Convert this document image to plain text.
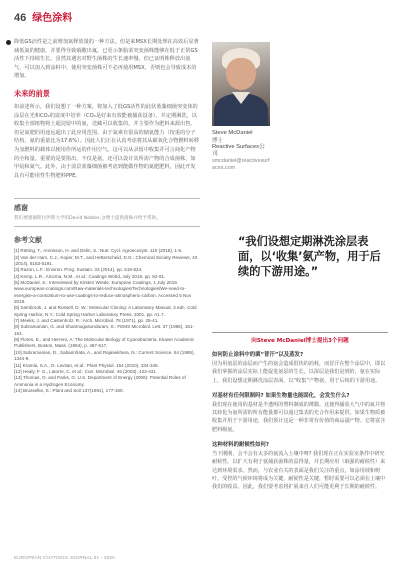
46 绿色涂料

降低GS活性是之前增加氮释放量的一种方法。但是来MSX长期处理在高效后显著减低氮的健康，并要得导致硝酸出氟，已更示条脂菜突变菌株能够在低于正常GS活性下持续生长。虽然其遇害对野生菌株的生长速率慢，但已证明株释放出氨气，可以加入到涂料中。使用突变菌株可不必再使用MSX，否则也会导致成本的增加。

未来的前景

如前述所示，我们设想了一种方案，将加入了低GS活性的此状蓝藻细菌突变体的涂层在光和CO₂的富度中培养（CO₂是好来有效能被捕获设备）。并定期淋洗，以收集全部植物将土超淀留中的氨，送藏可以收集的，并主要作为肥料来源出售。但是氮肥的用途远超出了此应用范围。由于氮素有很高的储氮能力（按重的分子结构，氨的重量比为17.6%）。因此人们正在认真考虑将其从碳氧化合物燃料转移为氢燃料的载体以便用作所运的作用空气。这可以从录留中收集并可言商化产物的全和量。重要的是要指出，不仅是氨，还可以设计其所需产物的合成菌株，如甲烷和氮气。此外，由于前景蓝藻细菌被考虑到能做作物的氮肥肥料，因此开发具有可能用性生物肥料PPE。

感谢

我们要感谢斯拉伊斯大学的David Nobles, Jr博士提供菌株并给予帮助。

参考文献

[1] Rütting, T., Aronsson, H. and Delin, S.: Nutr. Cycl. Agroecosyst. 110 (2018), 1-5.

[2] Van der Ham, C.J., Koper, M.T., and Hetterscheid, D.G.: Chemical Society Reviews, 43 (2014), 5183-5191.

[3] Razon, L.F.: Environ. Prog. Sustain. 33 (2014), pp. 618-624.

[4] Kemp, L.R., Alcorna, N.M., et al.: Coatings World, July 2018, pp. 82-91.

[5] McDaniel, S.: Interviewed by Kirsten Wrede. European Coatings, 1 July 2019. www.european-coatings.com/Raw-materials-technologies/Technologies/We-need-to-energise-a-consortium-to-use-coatings-to-reduce-atmospheric-carbon. Accessed 5 Nov 2019.

[6] Sambrook, J. and Russell, D. W.: Molecular Cloning: A Laboratory Manual, 3 edn. Cold Spring Harbor, N.Y.: Cold Spring Harbor Laboratory Press, 2001, pp. A1.7.

[7] Meeks, J. and Castenholz, R.: Arch. Microbiol. 78 (1971), pp. 25-41.

[8] Subramanian, G. and Shanmugasundaram, S.: FEMS Microbiol. Lett. 37 (1986), 151-154.

[9] Flores, E., and Herrero, A: The Molecular Biology of Cyanobacteria. Kluwer Academic Publishers, Boston, Mass. (1994), p. 487-517.

[10] Subramanian, D., Sabarinhata, A., and Rajasekhara, N.: Current Science. 54 (1985), 1344-8.

[11] Kramla, S.A., O. Levitan, et al.: Plant Physiol. 154 (2010), 334-345.

[12] Healy, F. G., Latorre, C. et al.: Curr. Microbiol. 46 (2003), 423-431.

[13] Thomas, O. and Parks, G. U.S. Department of Energy (2006): Potential Roles of Ammonia in a Hydrogen Economy.

[14] Brusselke, S.: Plant and Soil 137(1991), 177-180.

Steve McDaniel
博士
Reactive Surfaces公司
smcdaniel@reactivesurfaces.com
“我们设想定期淋洗涂层表面，以‘收集’氨产物，用于后续的下游用途。”
向Steve McDaniel博士提出3个问题

如何防止涂料中的菌“冒汗”以及蒸发?

因为用氨泵的涂层而产生的氨会造成很快的消耗，而冒汗在整个涂层中，即以我们掌握的涂层实际上能促进氨泵的生长，以深层是我们是到的，氨在实际上，我们设想定期淋洗涂层表面，以“收集”产物氨，用于后续的下游用途。

对基材有任何限制吗? 如果生物量也能固化，会发生什么?

我们现在使用的基材是半透明的塑料制成的薄膜。这使得捕获大气中的氮并将其转化为氨所需的所有能量都可以通过集表的光合作用来提供。如果生物质被收集并用于下游用途，我们预计这是一种非常有价值的商品副产物。它将富含肥料级氨。

这种材料的耐候性如何?

当下刚刚，会不会有太多的氨流入土壤中呀? 我们现在正在实验室条件中研究耐候性。以扩大有利于氨捕获菌株的益得量，并长期应用（取强的耐候性）来达到环境需求。然而，与农业有关的表面是我们关注的重点，如涂用坡和树叶。受控的气候环境将成为关键，耐候性是关键，暂时需要可以必须在土壤中我们的收益。因此，我们要考虑将扩展来自人们可能更利于长期的耐候性。

EUROPEAN COATINGS JOURNAL 01 - 2020
